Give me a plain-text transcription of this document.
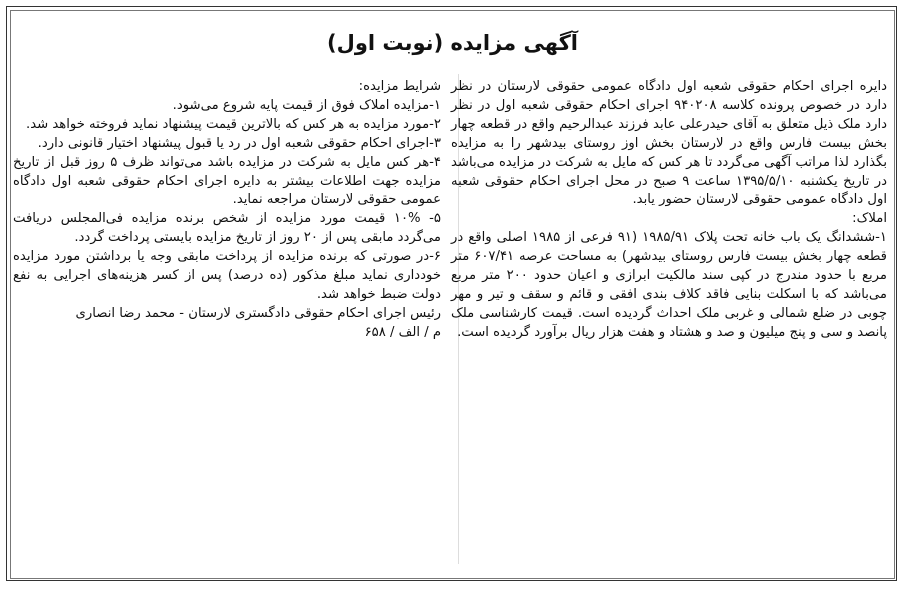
آگهی مزایده (نوبت اول)

دایره اجرای احکام حقوقی شعبه اول دادگاه عمومی حقوقی لارستان در نظر دارد در خصوص پرونده کلاسه ۹۴۰۲۰۸ اجرای احکام حقوقی شعبه اول در نظر دارد ملک ذیل متعلق به آقای حیدرعلی عابد فرزند عبدالرحیم واقع در قطعه چهار بخش بیست فارس واقع در لارستان بخش اوز روستای بیدشهر را به مزایده بگذارد لذا مراتب آگهی می‌گردد تا هر کس که مایل به شرکت در مزایده می‌باشد در تاریخ یکشنبه ۱۳۹۵/۵/۱۰ ساعت ۹ صبح در محل اجرای احکام حقوقی شعبه اول دادگاه عمومی حقوقی لارستان حضور یابد.

املاک:

۱-ششدانگ یک باب خانه تحت پلاک ۱۹۸۵/۹۱ (۹۱ فرعی از ۱۹۸۵ اصلی واقع در قطعه چهار بخش بیست فارس روستای بیدشهر) به مساحت عرصه ۶۰۷/۴۱ متر مربع با حدود مندرج در کپی سند مالکیت ابرازی و اعیان حدود ۲۰۰ متر مربع می‌باشد که با اسکلت بنایی فاقد کلاف بندی افقی و قائم و سقف و تیر و مهر چوبی در ضلع شمالی و غربی ملک احداث گردیده است. قیمت کارشناسی ملک پانصد و سی و پنج میلیون و صد و هشتاد و هفت هزار ریال برآورد گردیده است.

شرایط مزایده:

۱-مزایده املاک فوق از قیمت پایه شروع می‌شود.

۲-مورد مزایده به هر کس که بالاترین قیمت پیشنهاد نماید فروخته خواهد شد.

۳-اجرای احکام حقوقی شعبه اول در رد یا قبول پیشنهاد اختیار قانونی دارد.

۴-هر کس مایل به شرکت در مزایده باشد می‌تواند ظرف ۵ روز قبل از تاریخ مزایده جهت اطلاعات بیشتر به دایره اجرای احکام حقوقی شعبه اول دادگاه عمومی حقوقی لارستان مراجعه نماید.

۵- ۱۰% قیمت مورد مزایده از شخص برنده مزایده فی‌المجلس دریافت می‌گردد مابقی پس از ۲۰ روز از تاریخ مزایده بایستی پرداخت گردد.

۶-در صورتی که برنده مزایده از پرداخت مابقی وجه یا برداشتن مورد مزایده خودداری نماید مبلغ مذکور (ده درصد) پس از کسر هزینه‌های اجرایی به نفع دولت ضبط خواهد شد.

رئیس اجرای احکام حقوقی دادگستری لارستان - محمد رضا انصاری

م / الف / ۶۵۸
